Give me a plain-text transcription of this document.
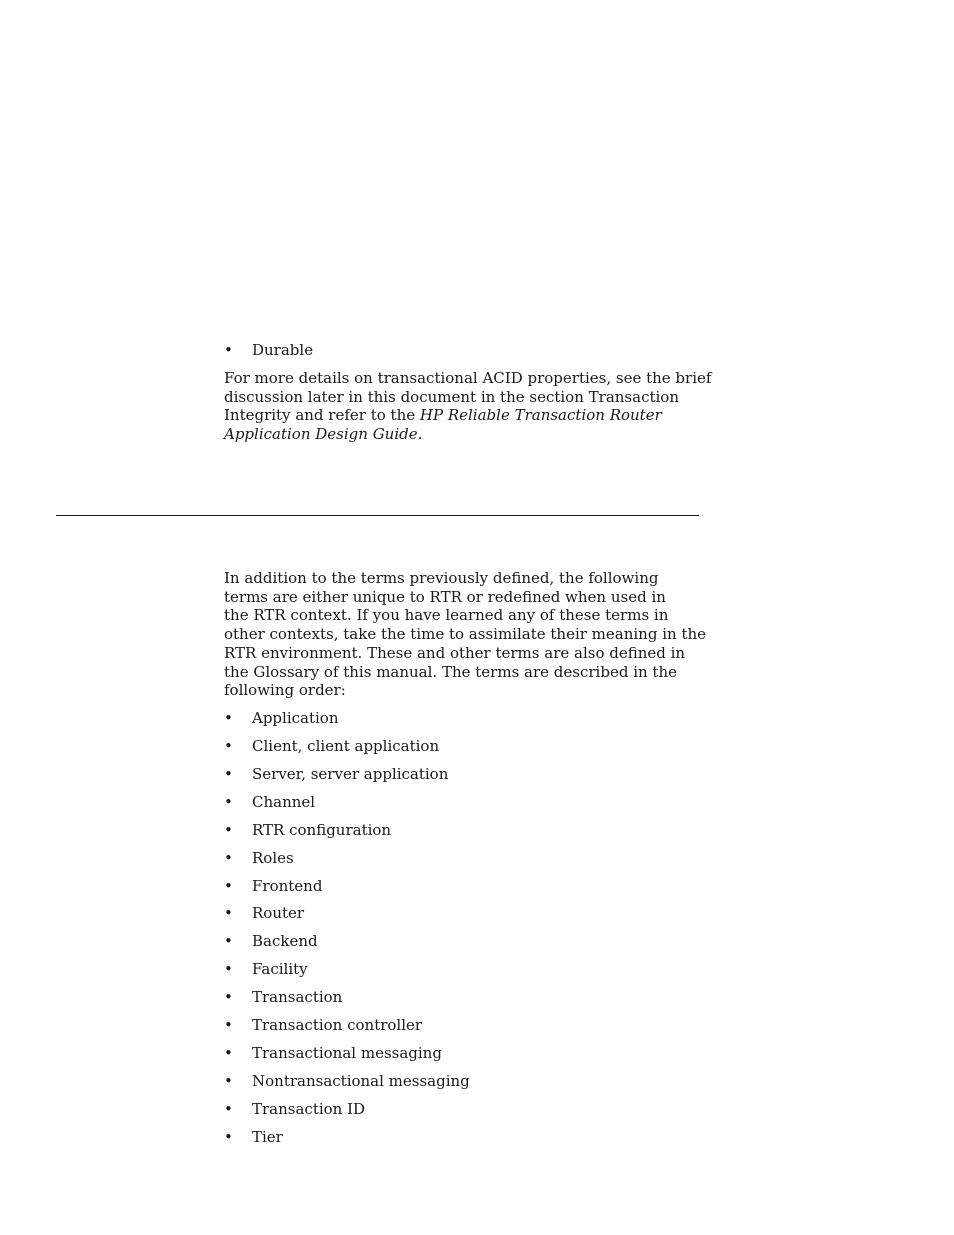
• Durable

For more details on transactional ACID properties, see the brief
discussion later in this document in the section Transaction
Integrity and refer to the HP Reliable Transaction Router
Application Design Guide.

In addition to the terms previously defined, the following
terms are either unique to RTR or redefined when used in
the RTR context. If you have learned any of these terms in
other contexts, take the time to assimilate their meaning in the
RTR environment. These and other terms are also defined in
the Glossary of this manual. The terms are described in the
following order:

• Application
• Client, client application
• Server, server application
• Channel
• RTR configuration
• Roles
• Frontend
• Router
• Backend
• Facility
• Transaction
• Transaction controller
• Transactional messaging
• Nontransactional messaging
• Transaction ID
• Tier
